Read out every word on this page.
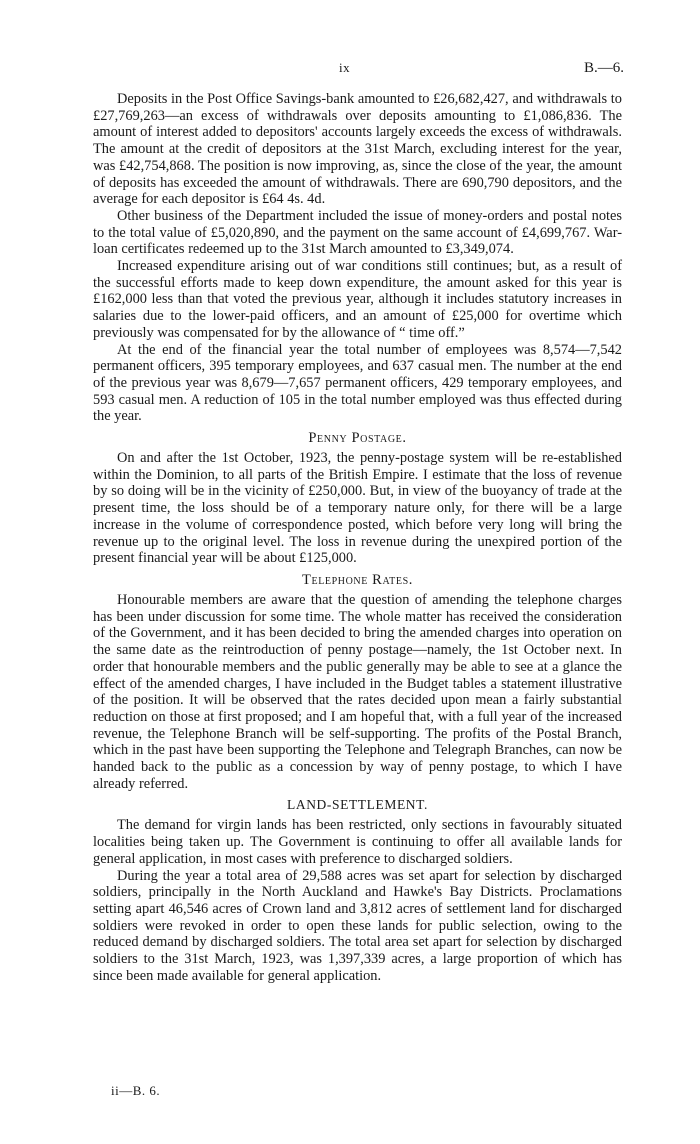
ix	B.—6.

Deposits in the Post Office Savings-bank amounted to £26,682,427, and withdrawals to £27,769,263—an excess of withdrawals over deposits amounting to £1,086,836. The amount of interest added to depositors' accounts largely exceeds the excess of withdrawals. The amount at the credit of depositors at the 31st March, excluding interest for the year, was £42,754,868. The position is now improving, as, since the close of the year, the amount of deposits has exceeded the amount of withdrawals. There are 690,790 depositors, and the average for each depositor is £64 4s. 4d.

Other business of the Department included the issue of money-orders and postal notes to the total value of £5,020,890, and the payment on the same account of £4,699,767. War-loan certificates redeemed up to the 31st March amounted to £3,349,074.

Increased expenditure arising out of war conditions still continues; but, as a result of the successful efforts made to keep down expenditure, the amount asked for this year is £162,000 less than that voted the previous year, although it includes statutory increases in salaries due to the lower-paid officers, and an amount of £25,000 for overtime which previously was compensated for by the allowance of “ time off.”

At the end of the financial year the total number of employees was 8,574—7,542 permanent officers, 395 temporary employees, and 637 casual men. The number at the end of the previous year was 8,679—7,657 permanent officers, 429 temporary employees, and 593 casual men. A reduction of 105 in the total number employed was thus effected during the year.

Penny Postage.

On and after the 1st October, 1923, the penny-postage system will be re-established within the Dominion, to all parts of the British Empire. I estimate that the loss of revenue by so doing will be in the vicinity of £250,000. But, in view of the buoyancy of trade at the present time, the loss should be of a temporary nature only, for there will be a large increase in the volume of correspondence posted, which before very long will bring the revenue up to the original level. The loss in revenue during the unexpired portion of the present financial year will be about £125,000.

Telephone Rates.

Honourable members are aware that the question of amending the telephone charges has been under discussion for some time. The whole matter has received the consideration of the Government, and it has been decided to bring the amended charges into operation on the same date as the reintroduction of penny postage—namely, the 1st October next. In order that honourable members and the public generally may be able to see at a glance the effect of the amended charges, I have included in the Budget tables a statement illustrative of the position. It will be observed that the rates decided upon mean a fairly substantial reduction on those at first proposed; and I am hopeful that, with a full year of the increased revenue, the Telephone Branch will be self-supporting. The profits of the Postal Branch, which in the past have been supporting the Telephone and Telegraph Branches, can now be handed back to the public as a concession by way of penny postage, to which I have already referred.

LAND-SETTLEMENT.

The demand for virgin lands has been restricted, only sections in favourably situated localities being taken up. The Government is continuing to offer all available lands for general application, in most cases with preference to discharged soldiers.

During the year a total area of 29,588 acres was set apart for selection by discharged soldiers, principally in the North Auckland and Hawke's Bay Districts. Proclamations setting apart 46,546 acres of Crown land and 3,812 acres of settlement land for discharged soldiers were revoked in order to open these lands for public selection, owing to the reduced demand by discharged soldiers. The total area set apart for selection by discharged soldiers to the 31st March, 1923, was 1,397,339 acres, a large proportion of which has since been made available for general application.

ii—B. 6.
